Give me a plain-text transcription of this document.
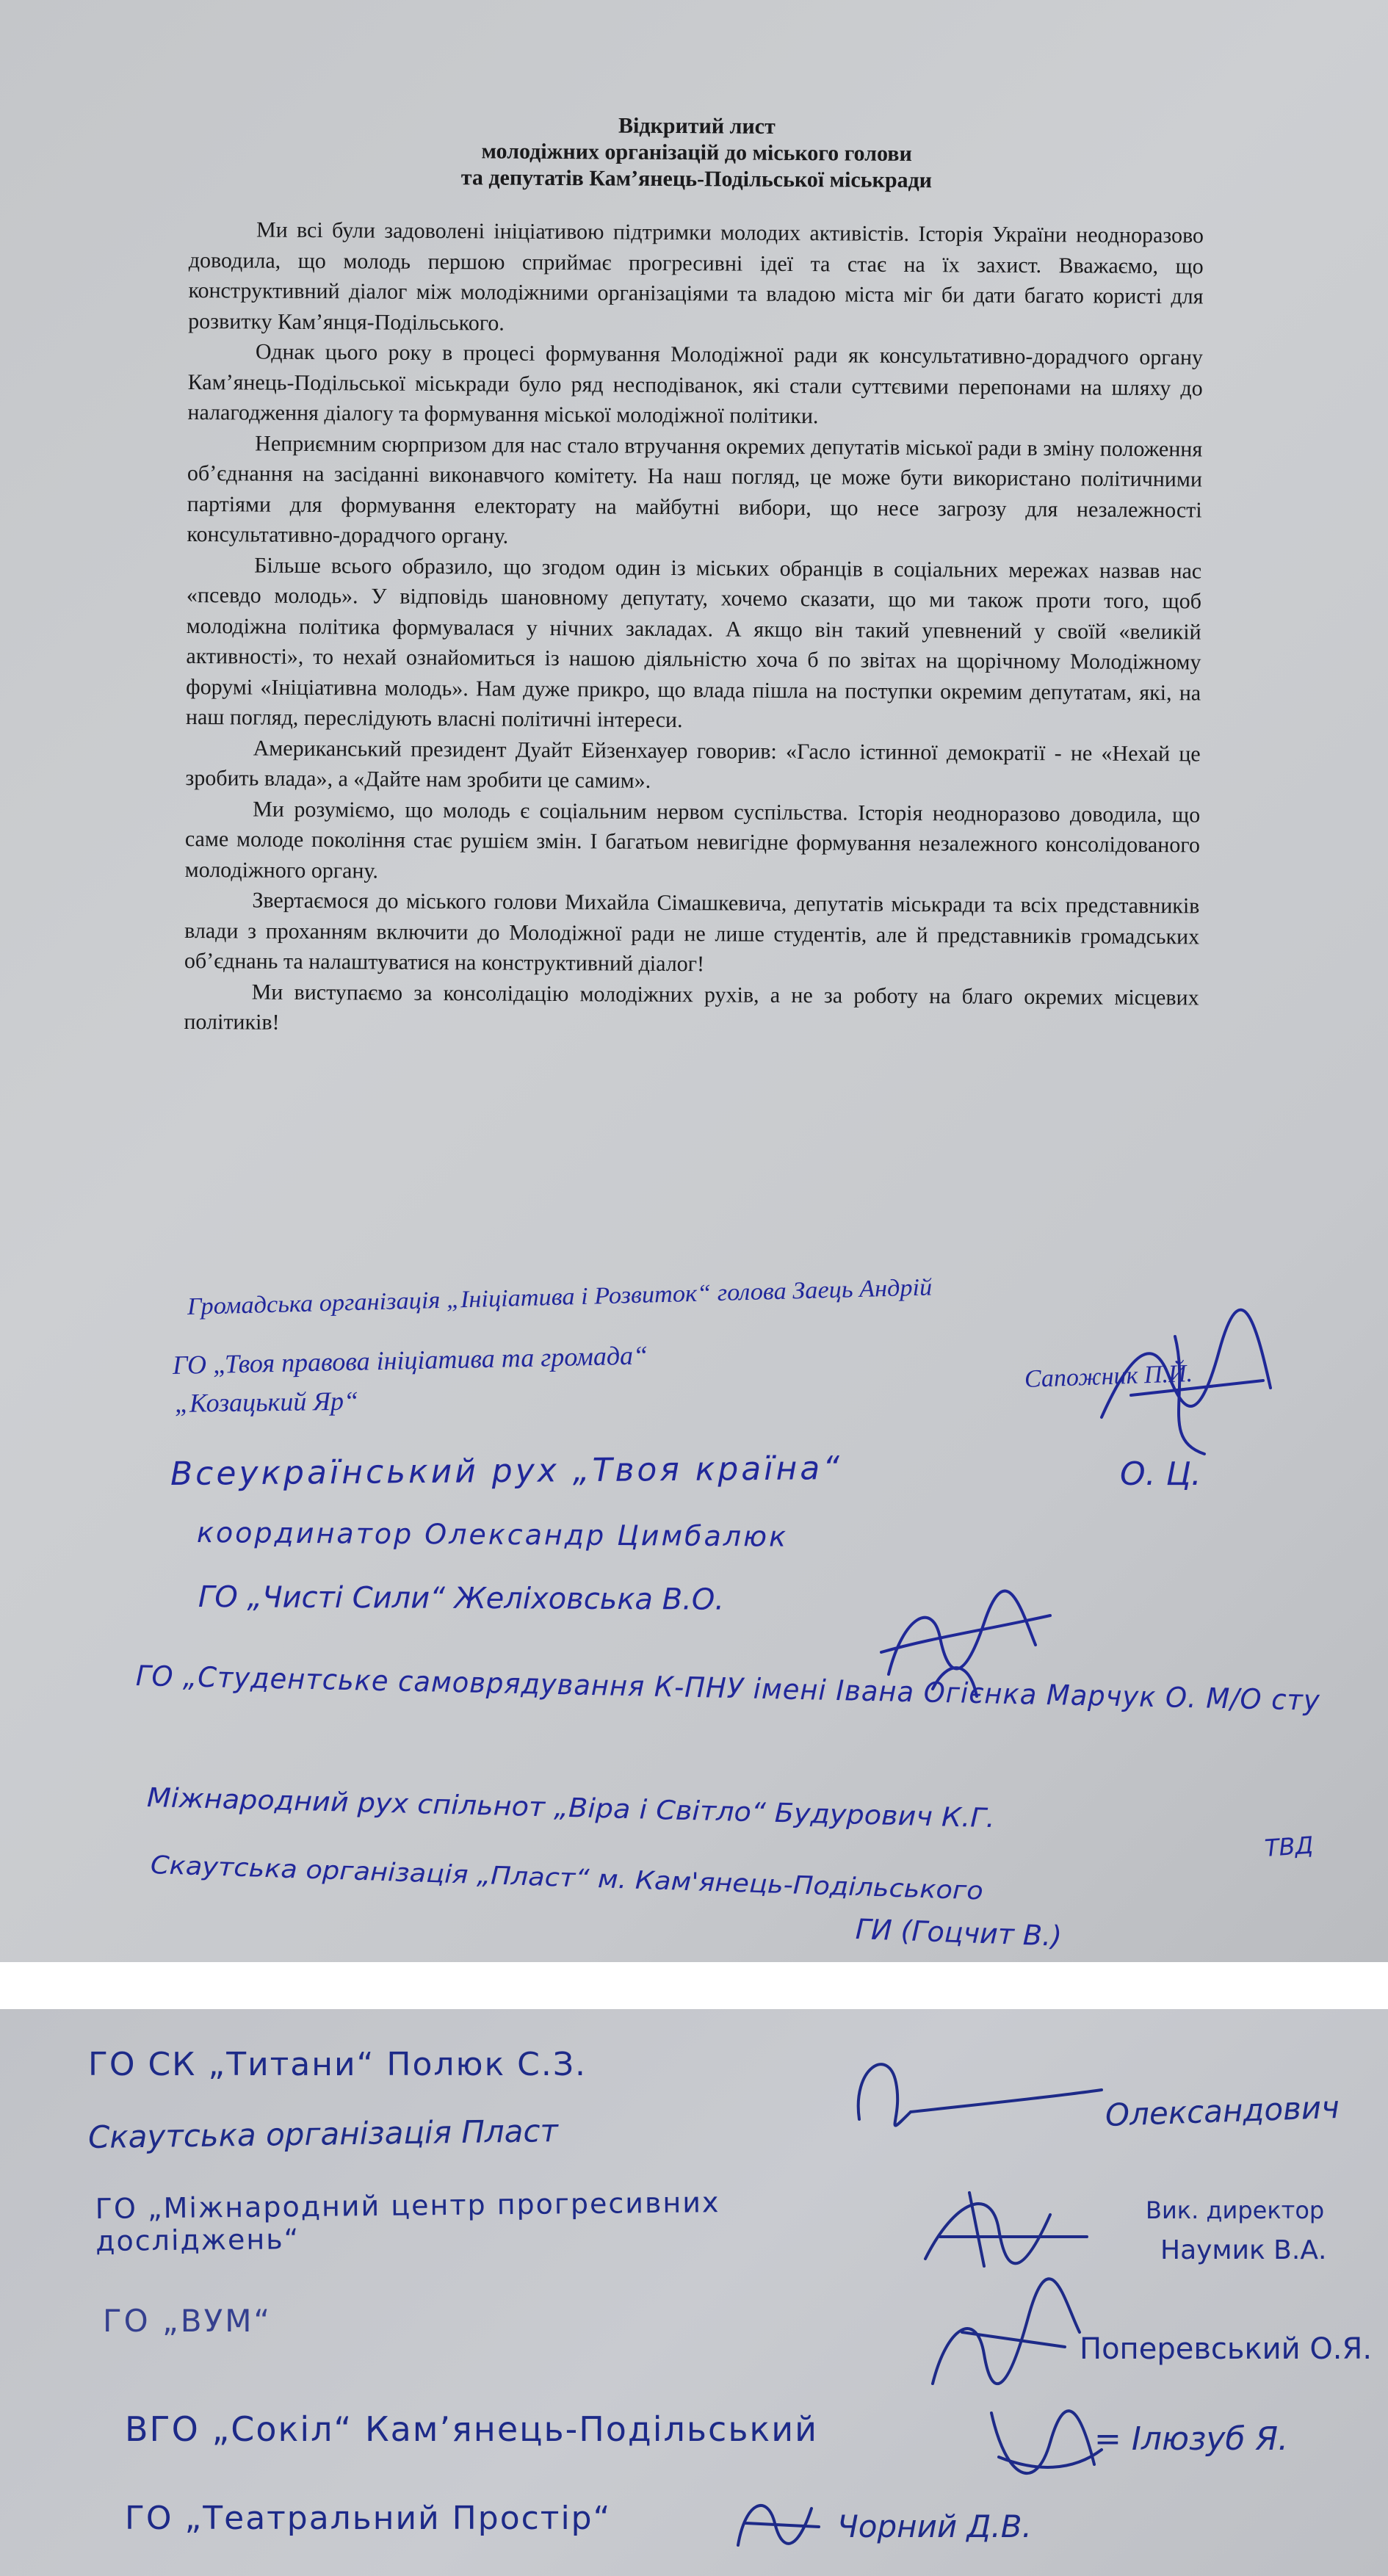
Відкритий лист
молодіжних організацій до міського голови
та депутатів Кам’янець-Подільської міськради

Ми всі були задоволені ініціативою підтримки молодих активістів. Історія України неодноразово доводила, що молодь першою сприймає прогресивні ідеї та стає на їх захист. Вважаємо, що конструктивний діалог між молодіжними організаціями та владою міста міг би дати багато користі для розвитку Кам’янця-Подільського.

Однак цього року в процесі формування Молодіжної ради як консультативно-дорадчого органу Кам’янець-Подільської міськради було ряд несподіванок, які стали суттєвими перепонами на шляху до налагодження діалогу та формування міської молодіжної політики.

Неприємним сюрпризом для нас стало втручання окремих депутатів міської ради в зміну положення об’єднання на засіданні виконавчого комітету. На наш погляд, це може бути використано політичними партіями для формування електорату на майбутні вибори, що несе загрозу для незалежності консультативно-дорадчого органу.

Більше всього образило, що згодом один із міських обранців в соціальних мережах назвав нас «псевдо молодь». У відповідь шановному депутату, хочемо сказати, що ми також проти того, щоб молодіжна політика формувалася у нічних закладах. А якщо він такий упевнений у своїй «великій активності», то нехай ознайомиться із нашою діяльністю хоча б по звітах на щорічному Молодіжному форумі «Ініціативна молодь». Нам дуже прикро, що влада пішла на поступки окремим депутатам, які, на наш погляд, переслідують власні політичні інтереси.

Американський президент Дуайт Ейзенхауер говорив: «Гасло істинної демократії - не «Нехай це зробить влада», а «Дайте нам зробити це самим».

Ми розуміємо, що молодь є соціальним нервом суспільства. Історія неодноразово доводила, що саме молоде покоління стає рушієм змін. І багатьом невигідне формування незалежного консолідованого молодіжного органу.

Звертаємося до міського голови Михайла Сімашкевича, депутатів міськради та всіх представників влади з проханням включити до Молодіжної ради не лише студентів, але й представників громадських об’єднань та налаштуватися на конструктивний діалог!

Ми виступаємо за консолідацію молодіжних рухів, а не за роботу на благо окремих місцевих політиків!

Громадська організація „Ініціатива і Розвиток“ голова Заець Андрій
ГО „Твоя правова ініціатива та громада“
„Козацький Яр“
Сапожник П.Й.
Всеукраїнський рух „Твоя країна“	О. Ц.
координатор Олександр Цимбалюк
ГО „Чисті Сили“ Желіховська В.О.
ГО „Студентське самоврядування К-ПНУ імені Івана Огієнка Марчук О. М/О сту
Міжнародний рух спільнот „Віра і Світло“ Будурович К.Г.
Скаутська організація „Пласт“ м. Кам'янець-Подільського
ТВД
ГИ (Гоцчит В.)
ГО СК „Титани“ Полюк С.З.
Скаутська організація Пласт
Олександович
ГО „Міжнародний центр прогресивних досліджень“
Вик. директор
Наумик В.А.
ГО „ВУМ“
Поперевський О.Я.
ВГО „Сокіл“ Кам’янець-Подільський	= Ілюзуб Я.
ГО „Театральний Простір“	Чорний Д.В.
